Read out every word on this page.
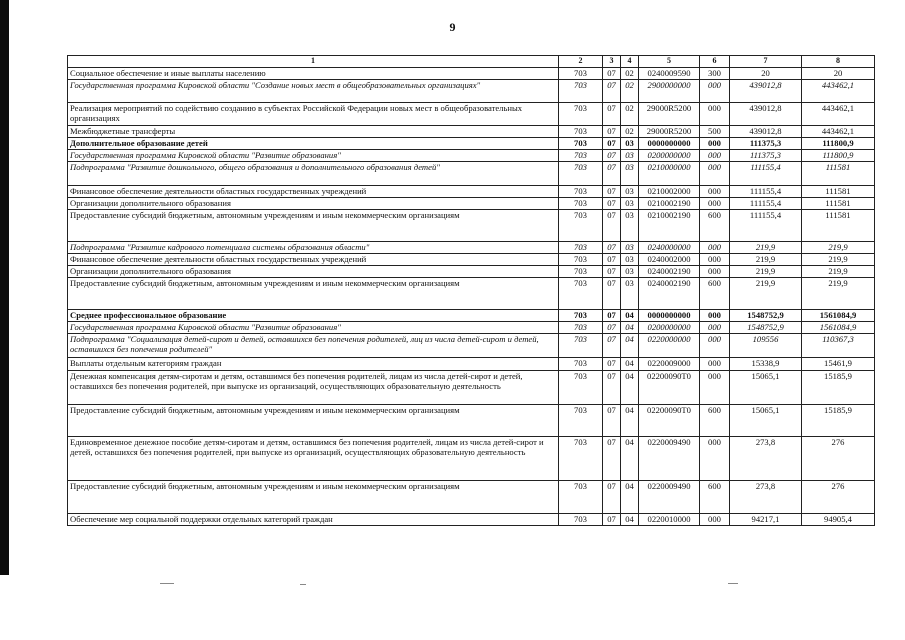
9
1	2	3	4	5	6	7	8
Социальное обеспечение и иные выплаты населению	703	07	02	0240009590	300	20	20
Государственная программа Кировской области "Создание новых мест в общеобразовательных организациях"	703	07	02	2900000000	000	439012,8	443462,1
Реализация мероприятий по содействию созданию в субъектах Российской Федерации новых мест в общеобразовательных организациях	703	07	02	29000R5200	000	439012,8	443462,1
Межбюджетные трансферты	703	07	02	29000R5200	500	439012,8	443462,1
Дополнительное образование детей	703	07	03	0000000000	000	111375,3	111800,9
Государственная программа Кировской области "Развитие образования"	703	07	03	0200000000	000	111375,3	111800,9
Подпрограмма "Развитие дошкольного, общего образования и дополнительного образования детей"	703	07	03	0210000000	000	111155,4	111581
Финансовое обеспечение деятельности областных государственных учреждений	703	07	03	0210002000	000	111155,4	111581
Организации дополнительного образования	703	07	03	0210002190	000	111155,4	111581
Предоставление субсидий бюджетным, автономным учреждениям и иным некоммерческим организациям	703	07	03	0210002190	600	111155,4	111581
Подпрограмма "Развитие кадрового потенциала системы образования области"	703	07	03	0240000000	000	219,9	219,9
Финансовое обеспечение деятельности областных государственных учреждений	703	07	03	0240002000	000	219,9	219,9
Организации дополнительного образования	703	07	03	0240002190	000	219,9	219,9
Предоставление субсидий бюджетным, автономным учреждениям и иным некоммерческим организациям	703	07	03	0240002190	600	219,9	219,9
Среднее профессиональное образование	703	07	04	0000000000	000	1548752,9	1561084,9
Государственная программа Кировской области "Развитие образования"	703	07	04	0200000000	000	1548752,9	1561084,9
Подпрограмма "Социализация детей-сирот и детей, оставшихся без попечения родителей, лиц из числа детей-сирот и детей, оставшихся без попечения родителей"	703	07	04	0220000000	000	109556	110367,3
Выплаты отдельным категориям граждан	703	07	04	0220009000	000	15338,9	15461,9
Денежная компенсация детям-сиротам и детям, оставшимся без попечения родителей, лицам из числа детей-сирот и детей, оставшихся без попечения родителей, при выпуске из организаций, осуществляющих образовательную деятельность	703	07	04	02200090Т0	000	15065,1	15185,9
Предоставление субсидий бюджетным, автономным учреждениям и иным некоммерческим организациям	703	07	04	02200090Т0	600	15065,1	15185,9
Единовременное денежное пособие детям-сиротам и детям, оставшимся без попечения родителей, лицам из числа детей-сирот и детей, оставшихся без попечения родителей, при выпуске из организаций, осуществляющих образовательную деятельность	703	07	04	0220009490	000	273,8	276
Предоставление субсидий бюджетным, автономным учреждениям и иным некоммерческим организациям	703	07	04	0220009490	600	273,8	276
Обеспечение мер социальной поддержки отдельных категорий граждан	703	07	04	0220010000	000	94217,1	94905,4
